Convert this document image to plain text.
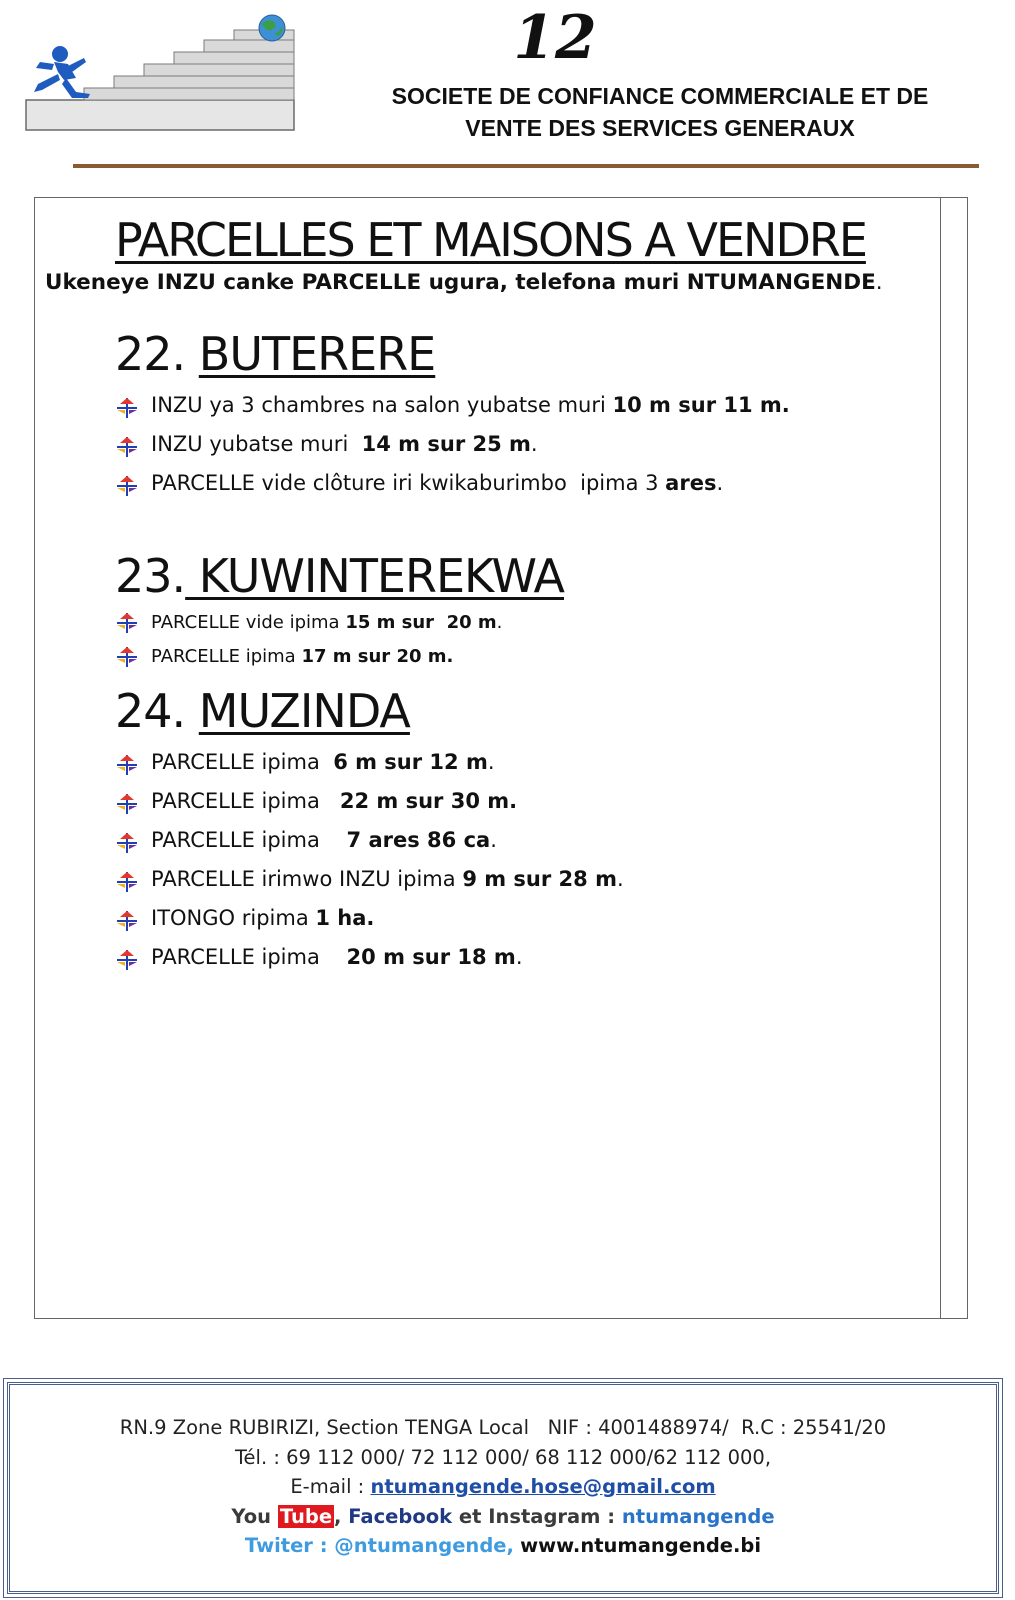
12
SOCIETE DE CONFIANCE COMMERCIALE ET DE
VENTE DES SERVICES GENERAUX
PARCELLES ET MAISONS A VENDRE
Ukeneye INZU canke PARCELLE ugura, telefona muri NTUMANGENDE.
22. BUTERERE
INZU ya 3 chambres na salon yubatse muri 10 m sur 11 m.
INZU yubatse muri  14 m sur 25 m.
PARCELLE vide clôture iri kwikaburimbo  ipima 3 ares.
23. KUWINTEREKWA
PARCELLE vide ipima 15 m sur  20 m.
PARCELLE ipima 17 m sur 20 m.
24. MUZINDA
PARCELLE ipima  6 m sur 12 m.
PARCELLE ipima   22 m sur 30 m.
PARCELLE ipima    7 ares 86 ca.
PARCELLE irimwo INZU ipima 9 m sur 28 m.
ITONGO ripima 1 ha.
PARCELLE ipima    20 m sur 18 m.
RN.9 Zone RUBIRIZI, Section TENGA Local   NIF : 4001488974/  R.C : 25541/20
Tél. : 69 112 000/ 72 112 000/ 68 112 000/62 112 000,
E-mail : ntumangende.hose@gmail.com
You Tube , Facebook et Instagram : ntumangende
Twiter : @ntumangende, www.ntumangende.bi
